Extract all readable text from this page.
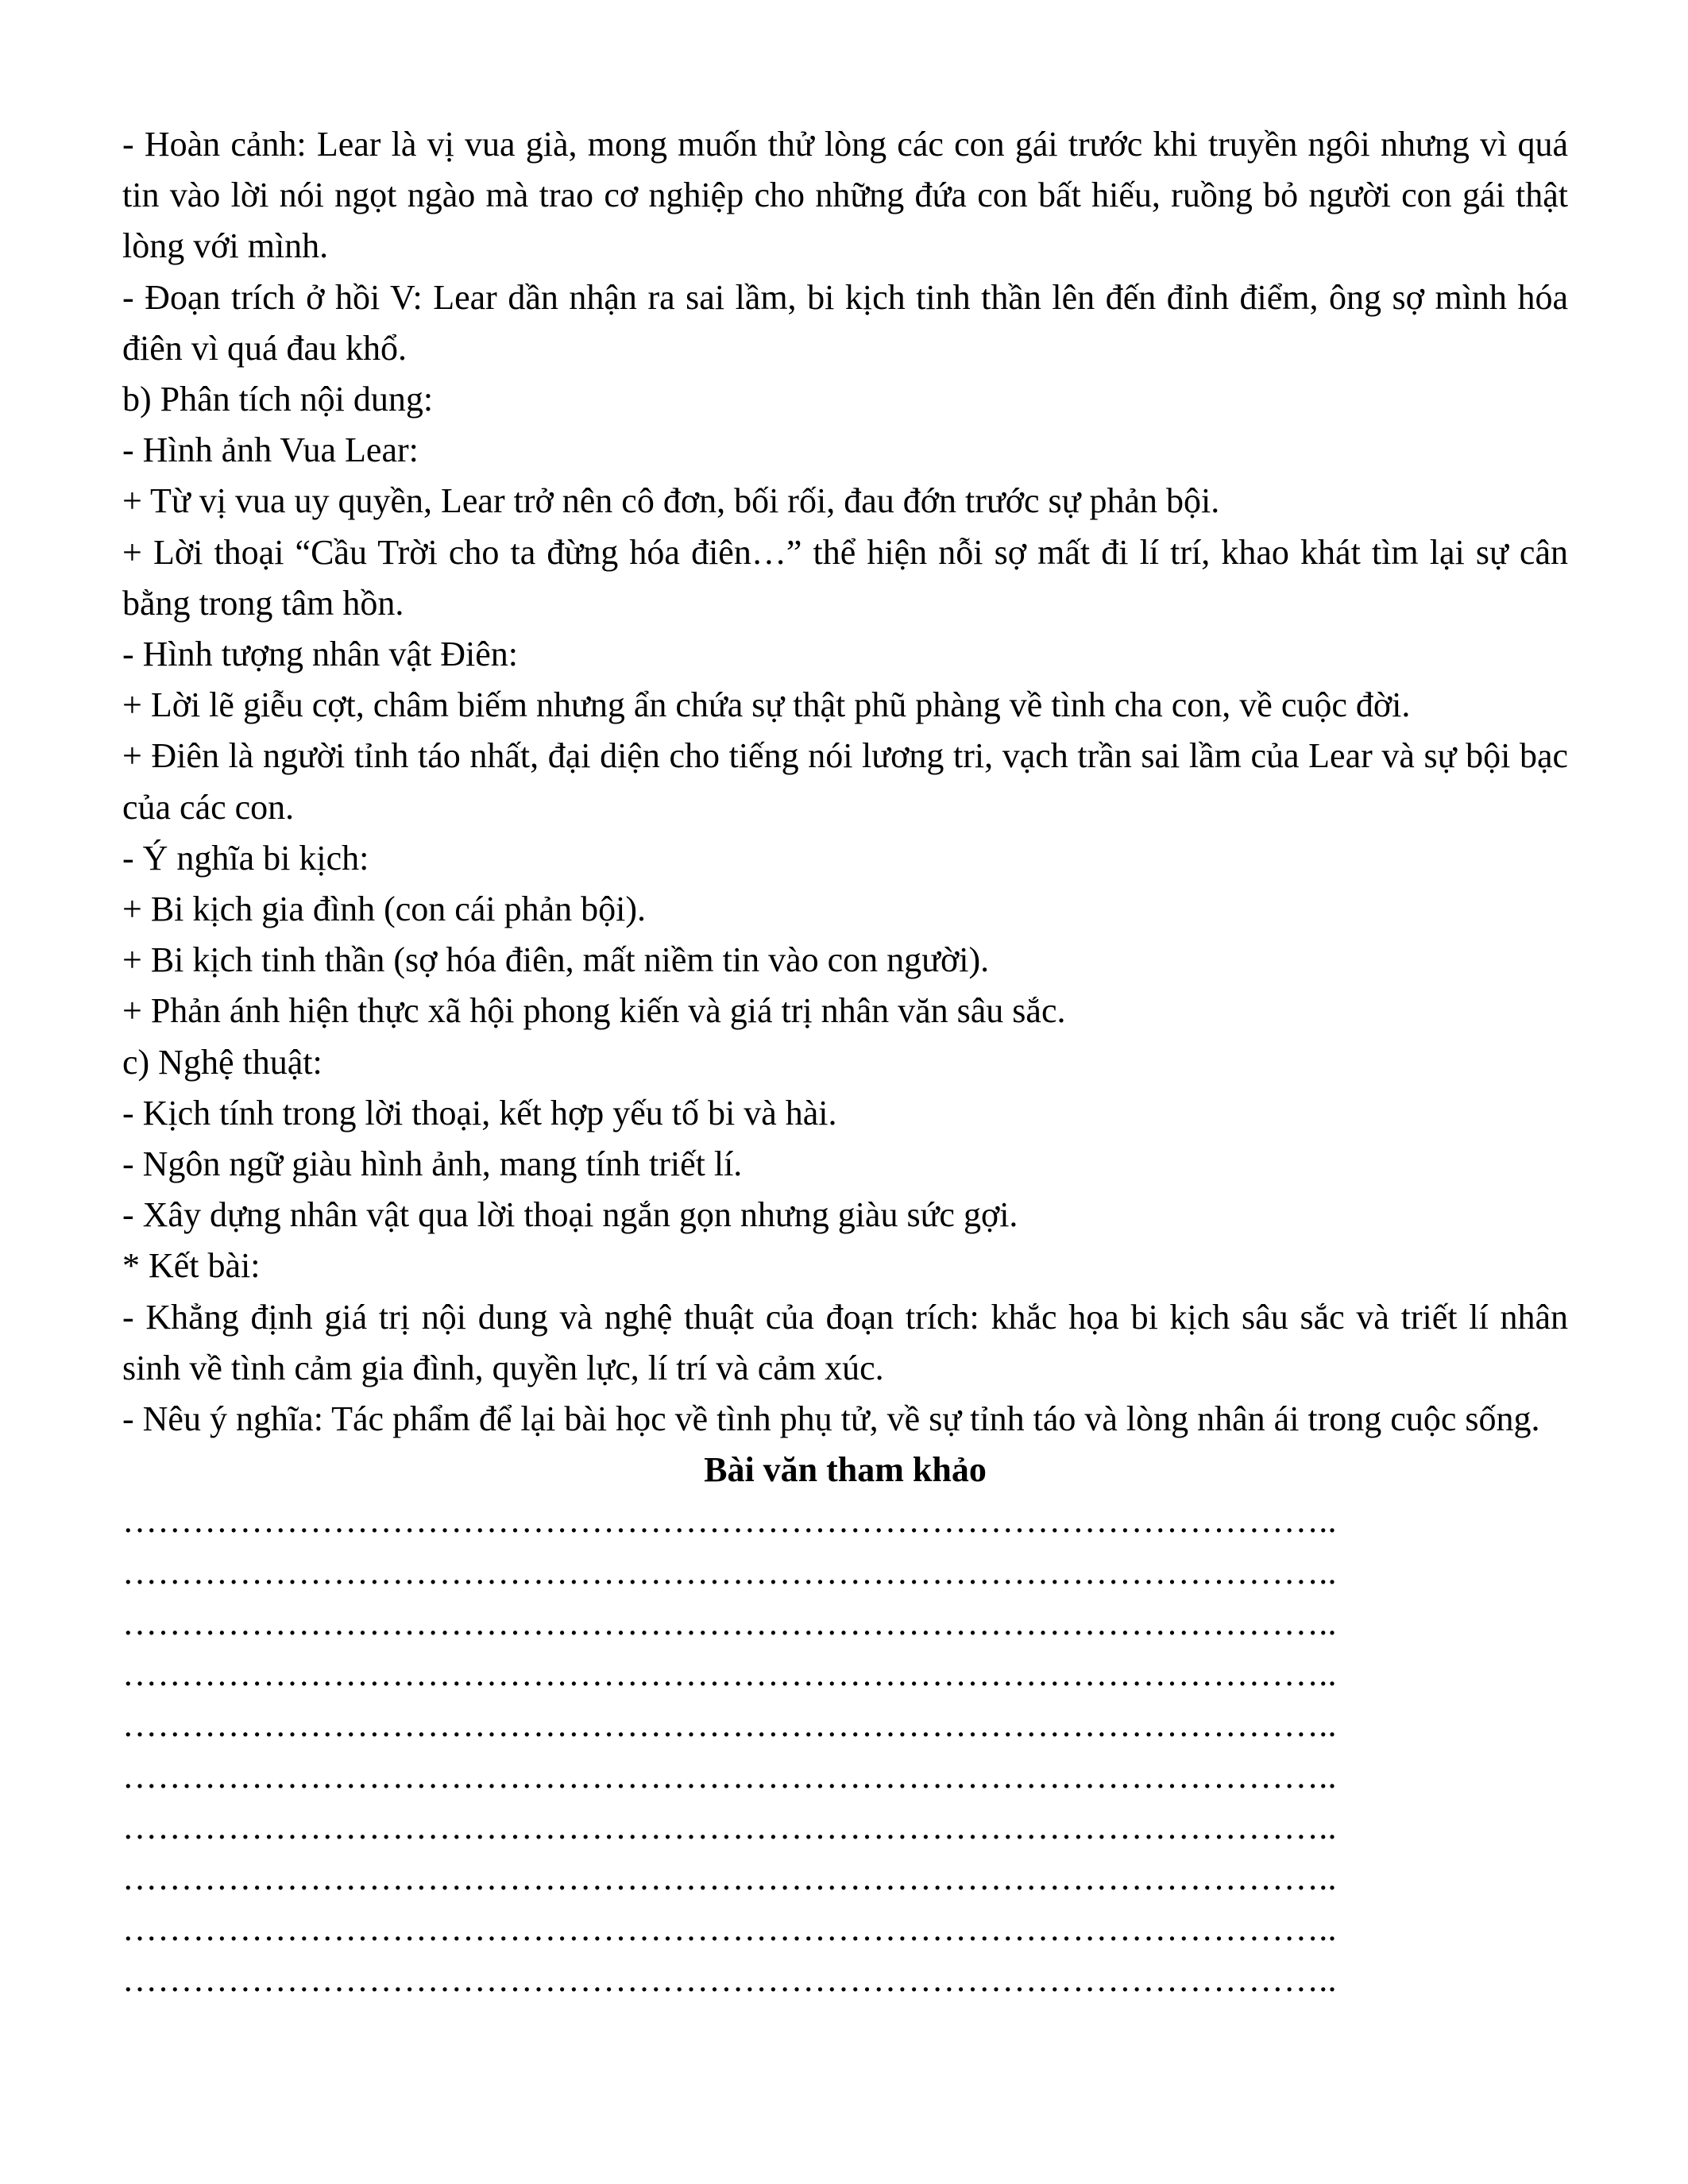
- Hoàn cảnh: Lear là vị vua già, mong muốn thử lòng các con gái trước khi truyền ngôi nhưng vì quá tin vào lời nói ngọt ngào mà trao cơ nghiệp cho những đứa con bất hiếu, ruồng bỏ người con gái thật lòng với mình.

- Đoạn trích ở hồi V: Lear dần nhận ra sai lầm, bi kịch tinh thần lên đến đỉnh điểm, ông sợ mình hóa điên vì quá đau khổ.

b) Phân tích nội dung:

- Hình ảnh Vua Lear:

+ Từ vị vua uy quyền, Lear trở nên cô đơn, bối rối, đau đớn trước sự phản bội.

+ Lời thoại “Cầu Trời cho ta đừng hóa điên…” thể hiện nỗi sợ mất đi lí trí, khao khát tìm lại sự cân bằng trong tâm hồn.

- Hình tượng nhân vật Điên:

+ Lời lẽ giễu cợt, châm biếm nhưng ẩn chứa sự thật phũ phàng về tình cha con, về cuộc đời.

+ Điên là người tỉnh táo nhất, đại diện cho tiếng nói lương tri, vạch trần sai lầm của Lear và sự bội bạc của các con.

- Ý nghĩa bi kịch:

+ Bi kịch gia đình (con cái phản bội).

+ Bi kịch tinh thần (sợ hóa điên, mất niềm tin vào con người).

+ Phản ánh hiện thực xã hội phong kiến và giá trị nhân văn sâu sắc.

c) Nghệ thuật:

- Kịch tính trong lời thoại, kết hợp yếu tố bi và hài.

- Ngôn ngữ giàu hình ảnh, mang tính triết lí.

- Xây dựng nhân vật qua lời thoại ngắn gọn nhưng giàu sức gợi.

* Kết bài:

- Khẳng định giá trị nội dung và nghệ thuật của đoạn trích: khắc họa bi kịch sâu sắc và triết lí nhân sinh về tình cảm gia đình, quyền lực, lí trí và cảm xúc.

- Nêu ý nghĩa: Tác phẩm để lại bài học về tình phụ tử, về sự tỉnh táo và lòng nhân ái trong cuộc sống.

Bài văn tham khảo

…………………………………………………………………………………………..

…………………………………………………………………………………………..

…………………………………………………………………………………………..

…………………………………………………………………………………………..

…………………………………………………………………………………………..

…………………………………………………………………………………………..

…………………………………………………………………………………………..

…………………………………………………………………………………………..

…………………………………………………………………………………………..

…………………………………………………………………………………………..
